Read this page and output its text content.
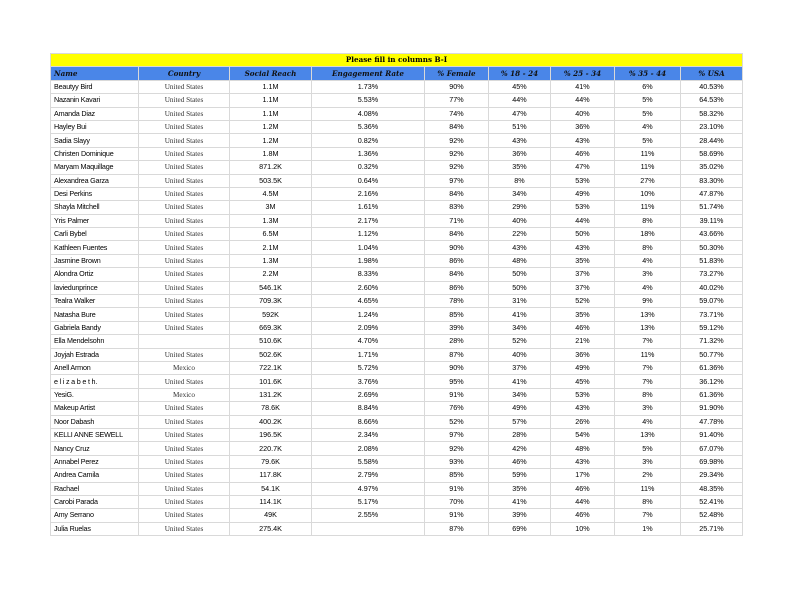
Please fill in columns B-I								
Name	Country	Social Reach	Engagement Rate	% Female	% 18 - 24	% 25 - 34	% 35 - 44	% USA
Beautyy Bird	United States	1.1M	1.73%	90%	45%	41%	6%	40.53%
Nazanin Kavari	United States	1.1M	5.53%	77%	44%	44%	5%	64.53%
Amanda Diaz	United States	1.1M	4.08%	74%	47%	40%	5%	58.32%
Hayley Bui	United States	1.2M	5.36%	84%	51%	36%	4%	23.10%
Sadia Slayy	United States	1.2M	0.82%	92%	43%	43%	5%	28.44%
Christen Dominique	United States	1.8M	1.36%	92%	36%	46%	11%	58.69%
Maryam Maquillage	United States	871.2K	0.32%	92%	35%	47%	11%	35.02%
Alexandrea Garza	United States	503.5K	0.64%	97%	8%	53%	27%	83.30%
Desi Perkins	United States	4.5M	2.16%	84%	34%	49%	10%	47.87%
Shayla Mitchell	United States	3M	1.61%	83%	29%	53%	11%	51.74%
Yris Palmer	United States	1.3M	2.17%	71%	40%	44%	8%	39.11%
Carli Bybel	United States	6.5M	1.12%	84%	22%	50%	18%	43.66%
Kathleen Fuentes	United States	2.1M	1.04%	90%	43%	43%	8%	50.30%
Jasmine Brown	United States	1.3M	1.98%	86%	48%	35%	4%	51.83%
Alondra Ortiz	United States	2.2M	8.33%	84%	50%	37%	3%	73.27%
laviedunprince	United States	546.1K	2.60%	86%	50%	37%	4%	40.02%
Tealra Walker	United States	709.3K	4.65%	78%	31%	52%	9%	59.07%
Natasha Bure	United States	592K	1.24%	85%	41%	35%	13%	73.71%
Gabriela Bandy	United States	669.3K	2.09%	39%	34%	46%	13%	59.12%
Ella Mendelsohn		510.6K	4.70%	28%	52%	21%	7%	71.32%
Joyjah Estrada	United States	502.6K	1.71%	87%	40%	36%	11%	50.77%
Anell Armon	Mexico	722.1K	5.72%	90%	37%	49%	7%	61.36%
e l i z a b e t h.	United States	101.6K	3.76%	95%	41%	45%	7%	36.12%
YesiG.	Mexico	131.2K	2.69%	91%	34%	53%	8%	61.36%
Makeup Artist	United States	78.6K	8.84%	76%	49%	43%	3%	91.90%
Noor Dabash	United States	400.2K	8.66%	52%	57%	26%	4%	47.78%
KELLI ANNE SEWELL	United States	196.5K	2.34%	97%	28%	54%	13%	91.40%
Nancy Cruz	United States	220.7K	2.08%	92%	42%	48%	5%	67.07%
Annabel Perez	United States	79.6K	5.58%	93%	46%	43%	3%	69.98%
Andrea Camila	United States	117.8K	2.79%	85%	59%	17%	2%	29.34%
Rachael	United States	54.1K	4.97%	91%	35%	46%	11%	48.35%
Carobi Parada	United States	114.1K	5.17%	70%	41%	44%	8%	52.41%
Amy Serrano	United States	49K	2.55%	91%	39%	46%	7%	52.48%
Julia Ruelas	United States	275.4K		87%	69%	10%	1%	25.71%
